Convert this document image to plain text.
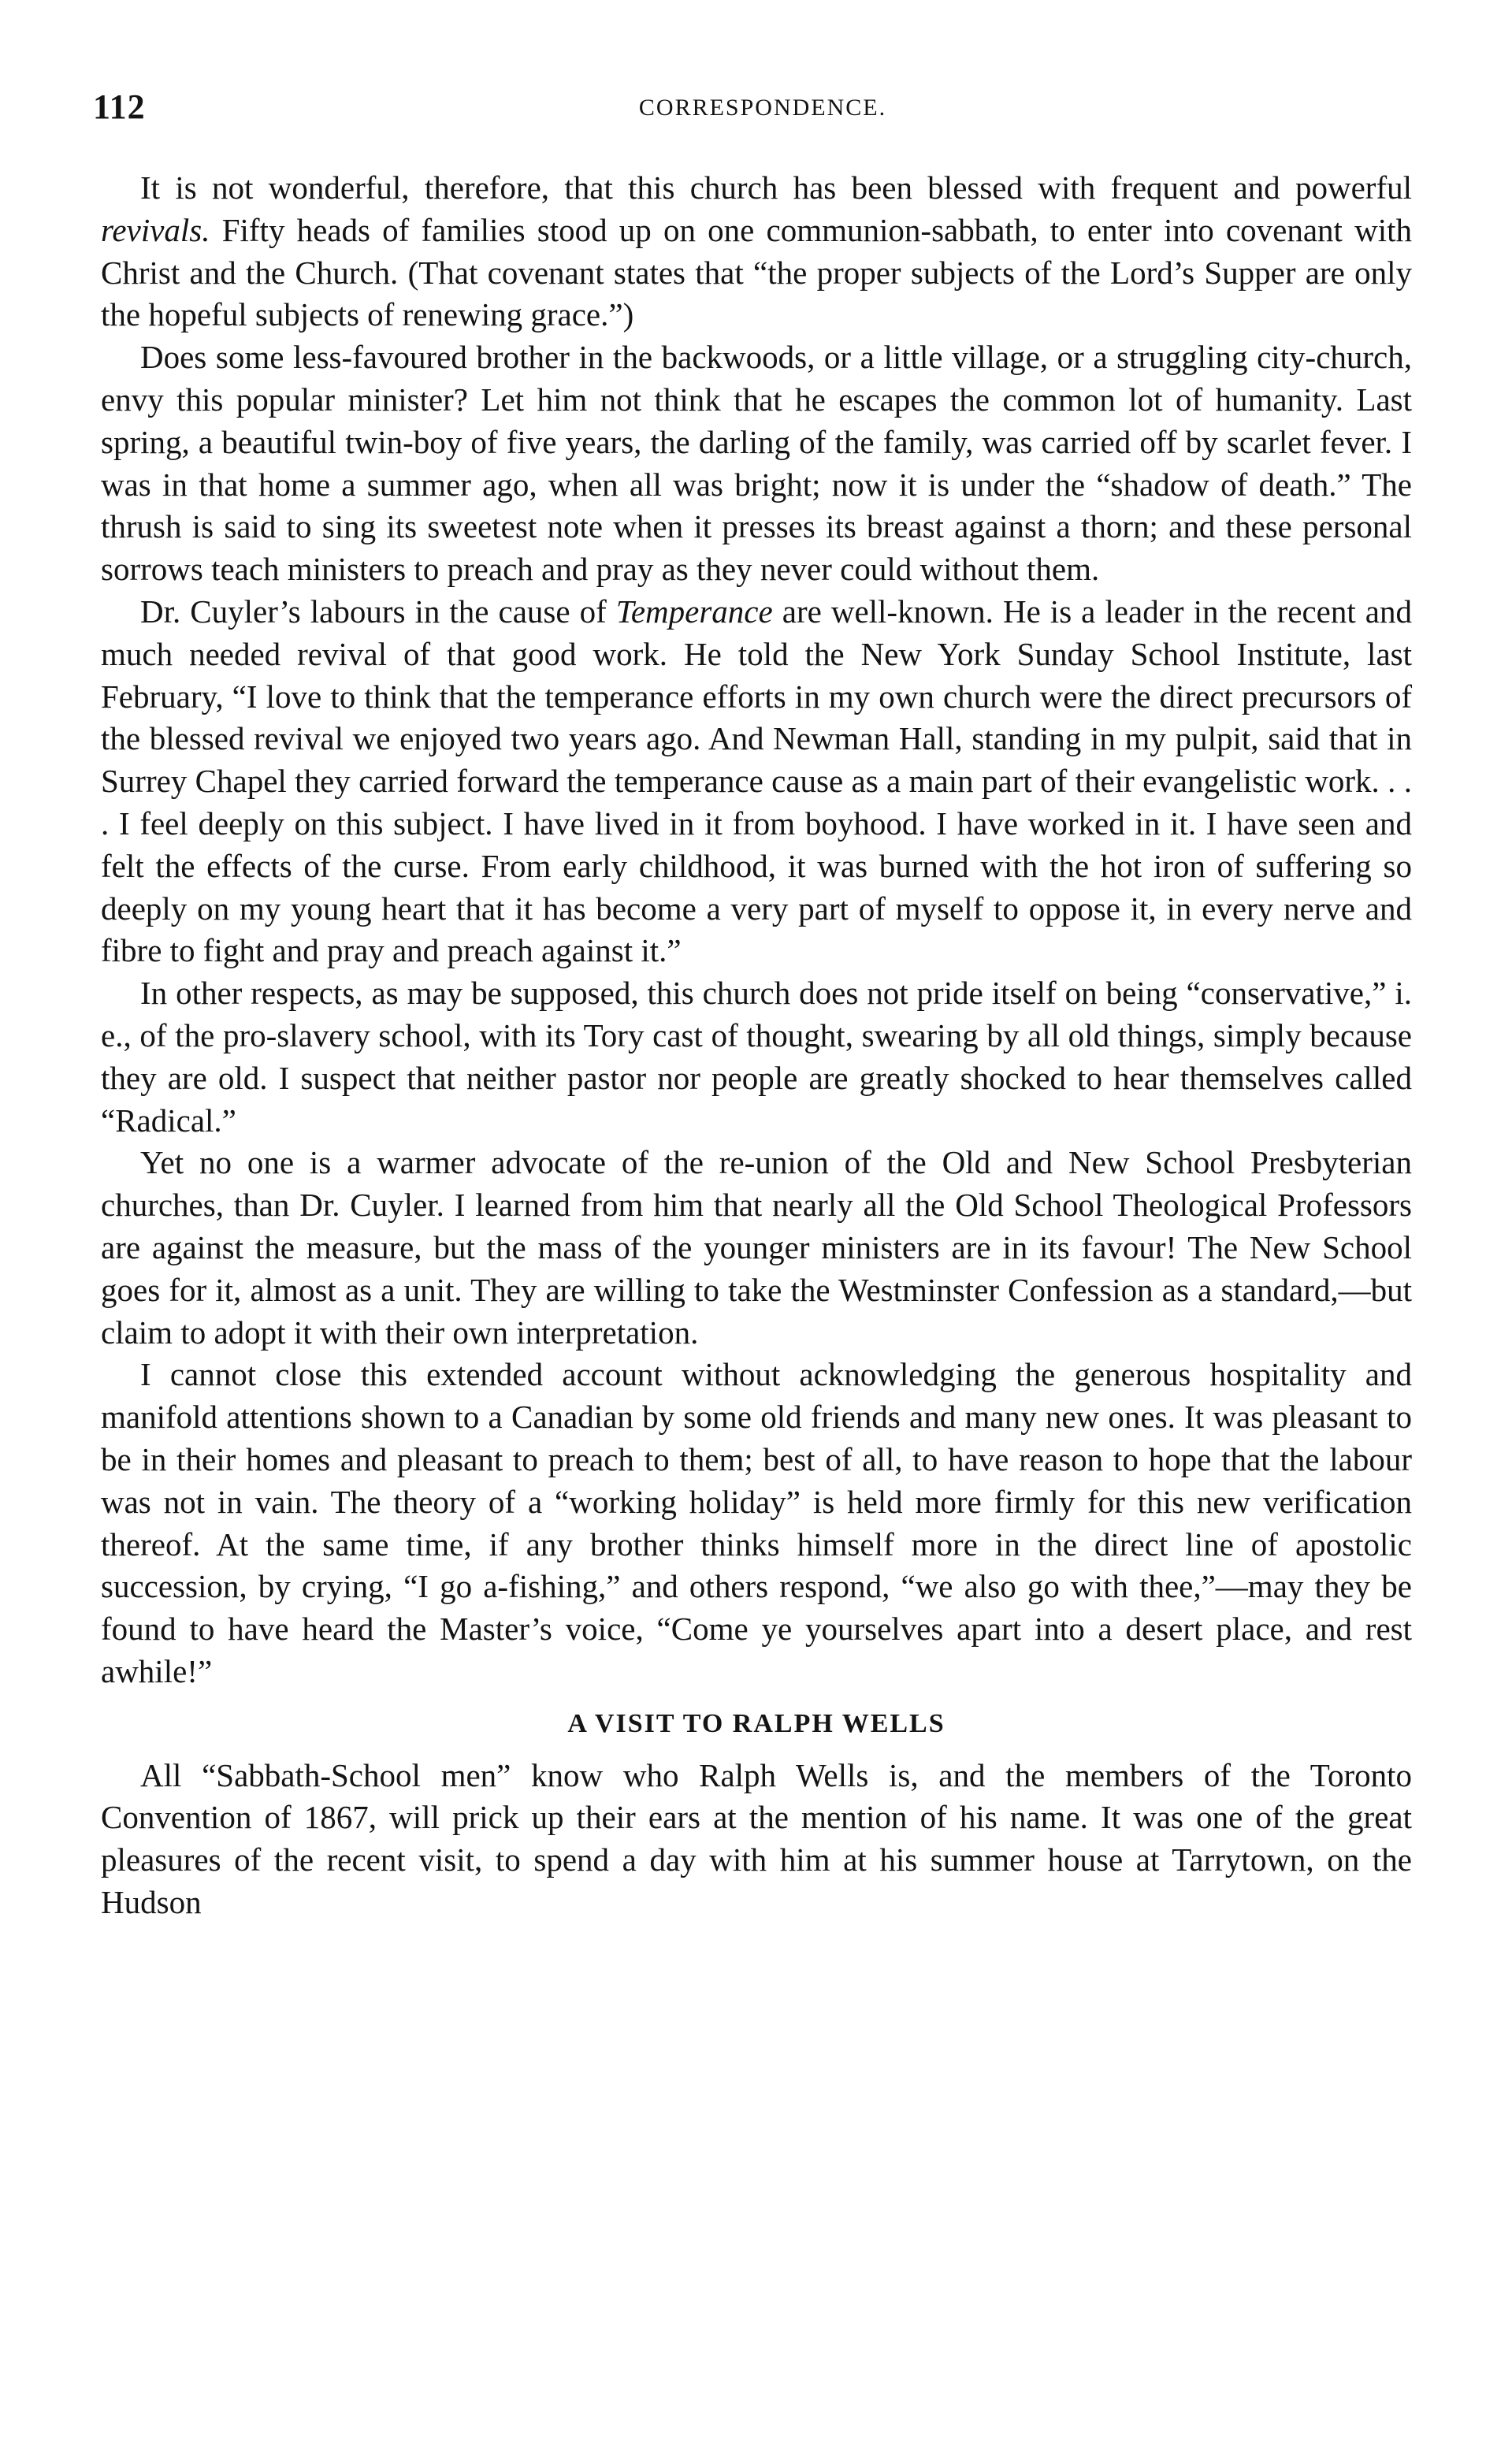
112	CORRESPONDENCE.

It is not wonderful, therefore, that this church has been blessed with frequent and powerful revivals. Fifty heads of families stood up on one communion-sabbath, to enter into covenant with Christ and the Church. (That covenant states that “the proper subjects of the Lord’s Supper are only the hopeful subjects of renewing grace.”)

Does some less-favoured brother in the backwoods, or a little village, or a struggling city-church, envy this popular minister? Let him not think that he escapes the common lot of humanity. Last spring, a beautiful twin-boy of five years, the darling of the family, was carried off by scarlet fever. I was in that home a summer ago, when all was bright; now it is under the “shadow of death.” The thrush is said to sing its sweetest note when it presses its breast against a thorn; and these personal sorrows teach ministers to preach and pray as they never could without them.

Dr. Cuyler’s labours in the cause of Temperance are well-known. He is a leader in the recent and much needed revival of that good work. He told the New York Sunday School Institute, last February, “I love to think that the temperance efforts in my own church were the direct precursors of the blessed revival we enjoyed two years ago. And Newman Hall, standing in my pulpit, said that in Surrey Chapel they carried forward the temperance cause as a main part of their evangelistic work. . . . I feel deeply on this subject. I have lived in it from boyhood. I have worked in it. I have seen and felt the effects of the curse. From early childhood, it was burned with the hot iron of suffering so deeply on my young heart that it has become a very part of myself to oppose it, in every nerve and fibre to fight and pray and preach against it.”

In other respects, as may be supposed, this church does not pride itself on being “conservative,” i. e., of the pro-slavery school, with its Tory cast of thought, swearing by all old things, simply because they are old. I suspect that neither pastor nor people are greatly shocked to hear themselves called “Radical.”

Yet no one is a warmer advocate of the re-union of the Old and New School Presbyterian churches, than Dr. Cuyler. I learned from him that nearly all the Old School Theological Professors are against the measure, but the mass of the younger ministers are in its favour! The New School goes for it, almost as a unit. They are willing to take the Westminster Confession as a standard,—but claim to adopt it with their own interpretation.

I cannot close this extended account without acknowledging the generous hospitality and manifold attentions shown to a Canadian by some old friends and many new ones. It was pleasant to be in their homes and pleasant to preach to them; best of all, to have reason to hope that the labour was not in vain. The theory of a “working holiday” is held more firmly for this new verification thereof. At the same time, if any brother thinks himself more in the direct line of apostolic succession, by crying, “I go a-fishing,” and others respond, “we also go with thee,”—may they be found to have heard the Master’s voice, “Come ye yourselves apart into a desert place, and rest awhile!”

A VISIT TO RALPH WELLS

All “Sabbath-School men” know who Ralph Wells is, and the members of the Toronto Convention of 1867, will prick up their ears at the mention of his name. It was one of the great pleasures of the recent visit, to spend a day with him at his summer house at Tarrytown, on the Hudson
